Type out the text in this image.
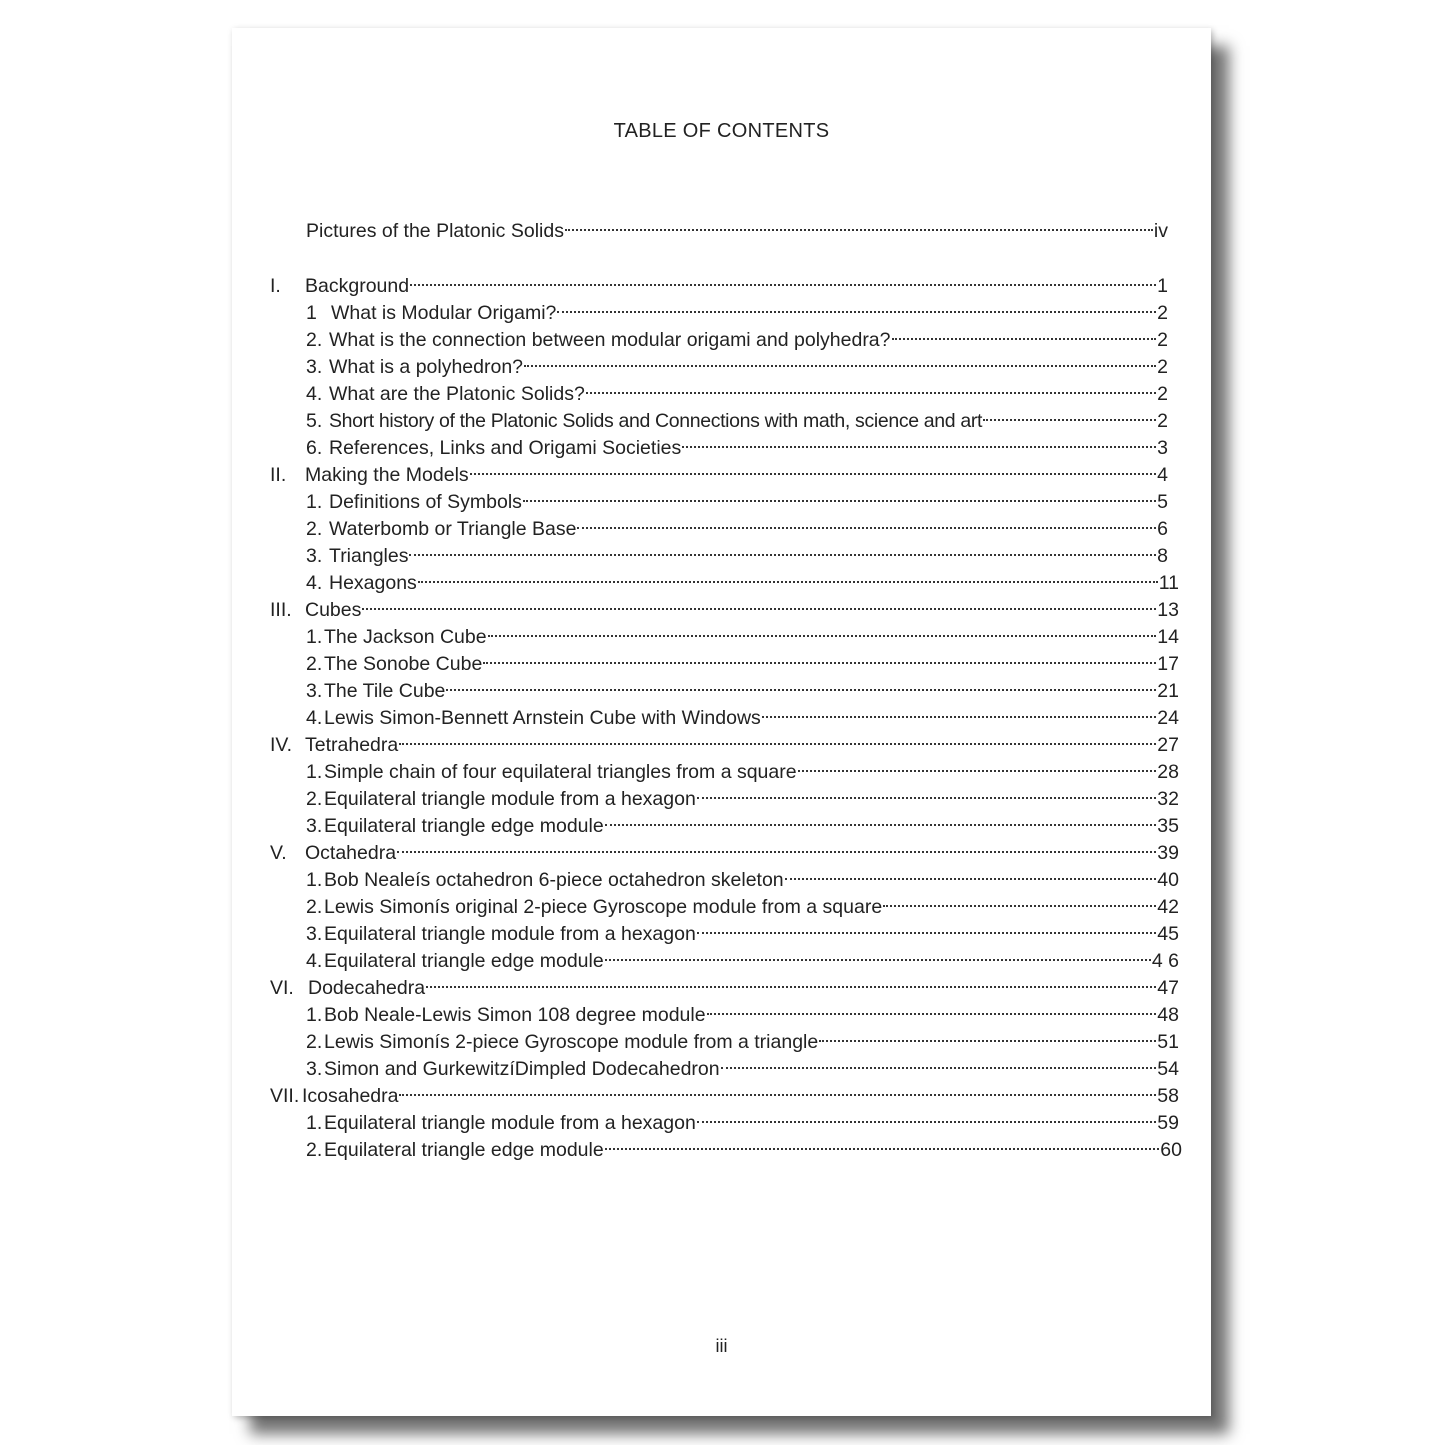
TABLE OF CONTENTS
Pictures of the Platonic Solids	iv
I.	Background	1
1 What is Modular Origami?	2
2. What is the connection between modular origami and polyhedra?	2
3. What is a polyhedron?	2
4. What are the Platonic Solids?	2
5. Short history of the Platonic Solids and Connections with math, science and art	2
6. References, Links and Origami Societies	3
II. Making the Models	4
1. Definitions of Symbols	5
2. Waterbomb or Triangle Base	6
3. Triangles	8
4. Hexagons	11
III. Cubes	13
1. The Jackson Cube	14
2. The Sonobe Cube	17
3. The Tile Cube	21
4. Lewis Simon-Bennett Arnstein Cube with Windows	24
IV. Tetrahedra	27
1. Simple chain of four equilateral triangles from a square	28
2. Equilateral triangle module from a hexagon	32
3. Equilateral triangle edge module	35
V. Octahedra	39
1. Bob Nealeís octahedron 6-piece octahedron skeleton	40
2. Lewis Simonís original 2-piece Gyroscope module from a square	42
3. Equilateral triangle module from a hexagon	45
4. Equilateral triangle edge module	4 6
VI. Dodecahedra	47
1. Bob Neale-Lewis Simon 108 degree module	48
2. Lewis Simonís 2-piece Gyroscope module from a triangle	51
3. Simon and GurkewitzíDimpled Dodecahedron	54
VII. Icosahedra	58
1. Equilateral triangle module from a hexagon	59
2. Equilateral triangle edge module	60
iii
